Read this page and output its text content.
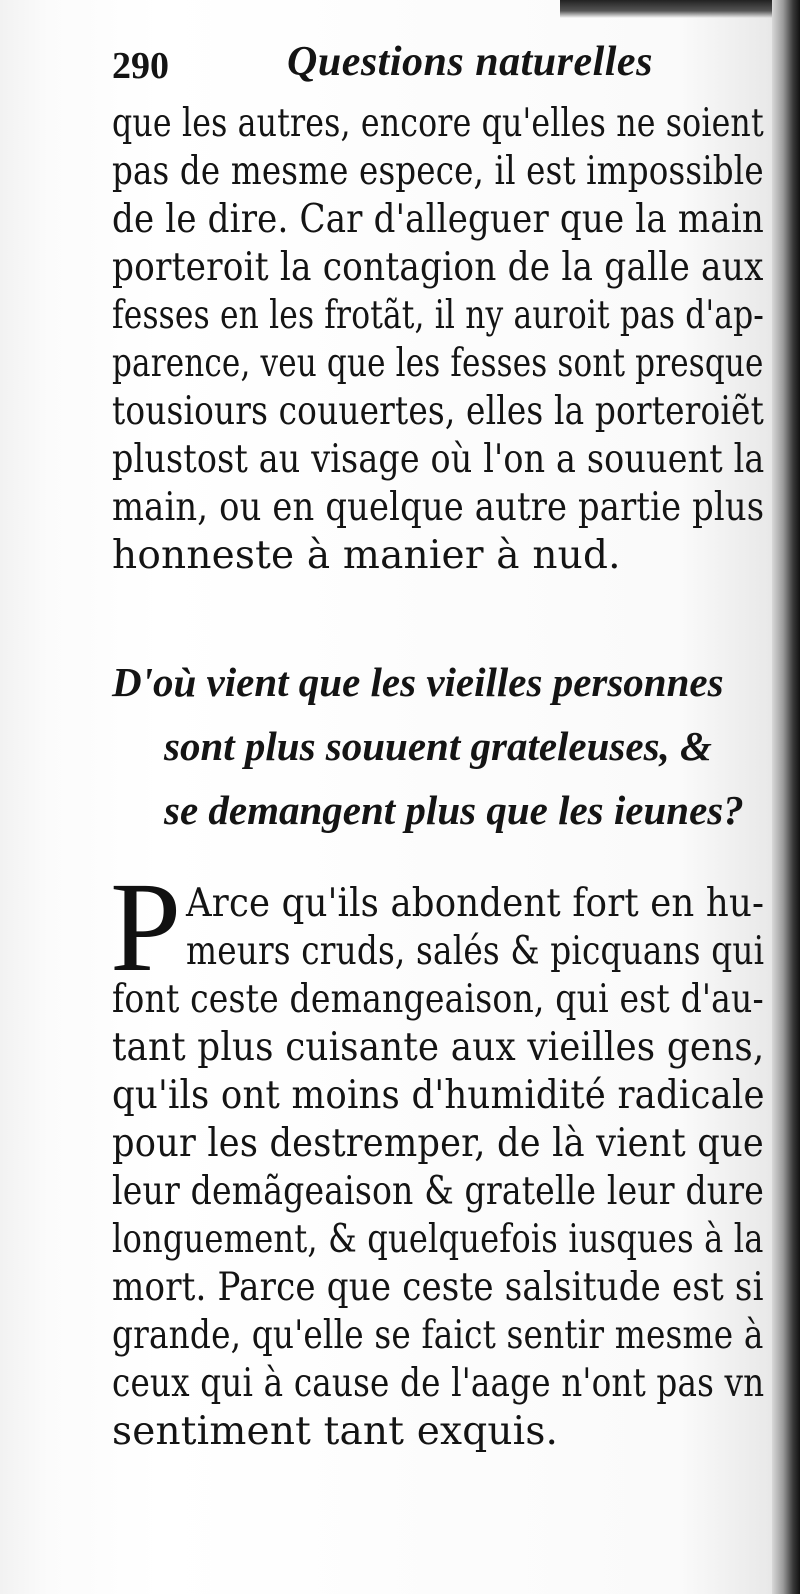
290	Questions naturelles
que les autres, encore qu'elles ne soient
pas de mesme espece, il est impossible
de le dire. Car d'alleguer que la main
porteroit la contagion de la galle aux
fesses en les frotãt, il ny auroit pas d'ap-
parence, veu que les fesses sont presque
tousiours couuertes, elles la porteroiẽt
plustost au visage où l'on a souuent la
main, ou en quelque autre partie plus
honneste à manier à nud.
D'où vient que les vieilles personnes
sont plus souuent grateleuses, &
se demangent plus que les ieunes?
P Arce qu'ils abondent fort en hu-
meurs cruds, salés & picquans qui
font ceste demangeaison, qui est d'au-
tant plus cuisante aux vieilles gens,
qu'ils ont moins d'humidité radicale
pour les destremper, de là vient que
leur demãgeaison & gratelle leur dure
longuement, & quelquefois iusques à la
mort. Parce que ceste salsitude est si
grande, qu'elle se faict sentir mesme à
ceux qui à cause de l'aage n'ont pas vn
sentiment tant exquis.
